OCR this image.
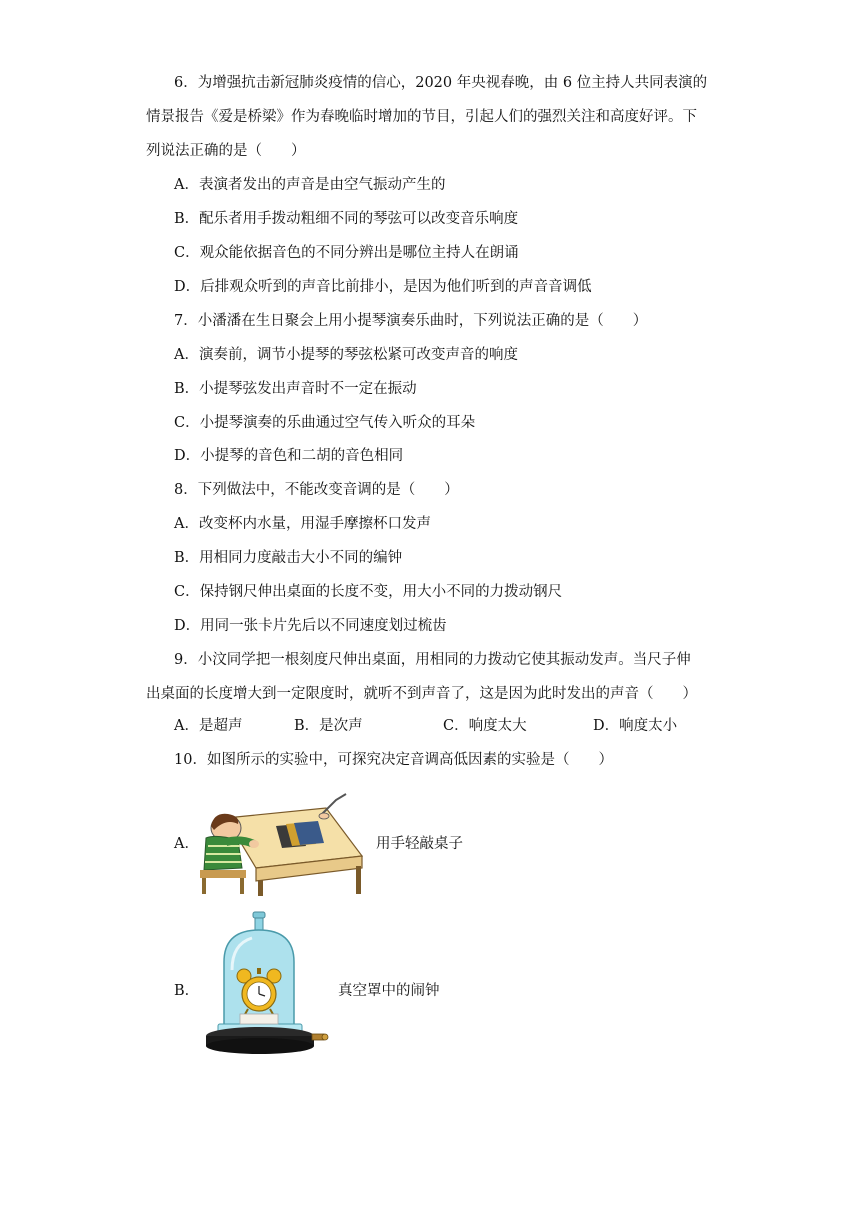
6．为增强抗击新冠肺炎疫情的信心，2020 年央视春晚，由 6 位主持人共同表演的
情景报告《爱是桥梁》作为春晚临时增加的节目，引起人们的强烈关注和高度好评。下
列说法正确的是（　　）
A．表演者发出的声音是由空气振动产生的
B．配乐者用手拨动粗细不同的琴弦可以改变音乐响度
C．观众能依据音色的不同分辨出是哪位主持人在朗诵
D．后排观众听到的声音比前排小，是因为他们听到的声音音调低
7．小潘潘在生日聚会上用小提琴演奏乐曲时，下列说法正确的是（　　）
A．演奏前，调节小提琴的琴弦松紧可改变声音的响度
B．小提琴弦发出声音时不一定在振动
C．小提琴演奏的乐曲通过空气传入听众的耳朵
D．小提琴的音色和二胡的音色相同
8．下列做法中，不能改变音调的是（　　）
A．改变杯内水量，用湿手摩擦杯口发声
B．用相同力度敲击大小不同的编钟
C．保持钢尺伸出桌面的长度不变，用大小不同的力拨动钢尺
D．用同一张卡片先后以不同速度划过梳齿
9．小汶同学把一根刻度尺伸出桌面，用相同的力拨动它使其振动发声。当尺子伸
出桌面的长度增大到一定限度时，就听不到声音了，这是因为此时发出的声音（　　）
A．是超声	B．是次声	C．响度太大	D．响度太小
10．如图所示的实验中，可探究决定音调高低因素的实验是（　　）
A．	用手轻敲桌子
B．	真空罩中的闹钟
